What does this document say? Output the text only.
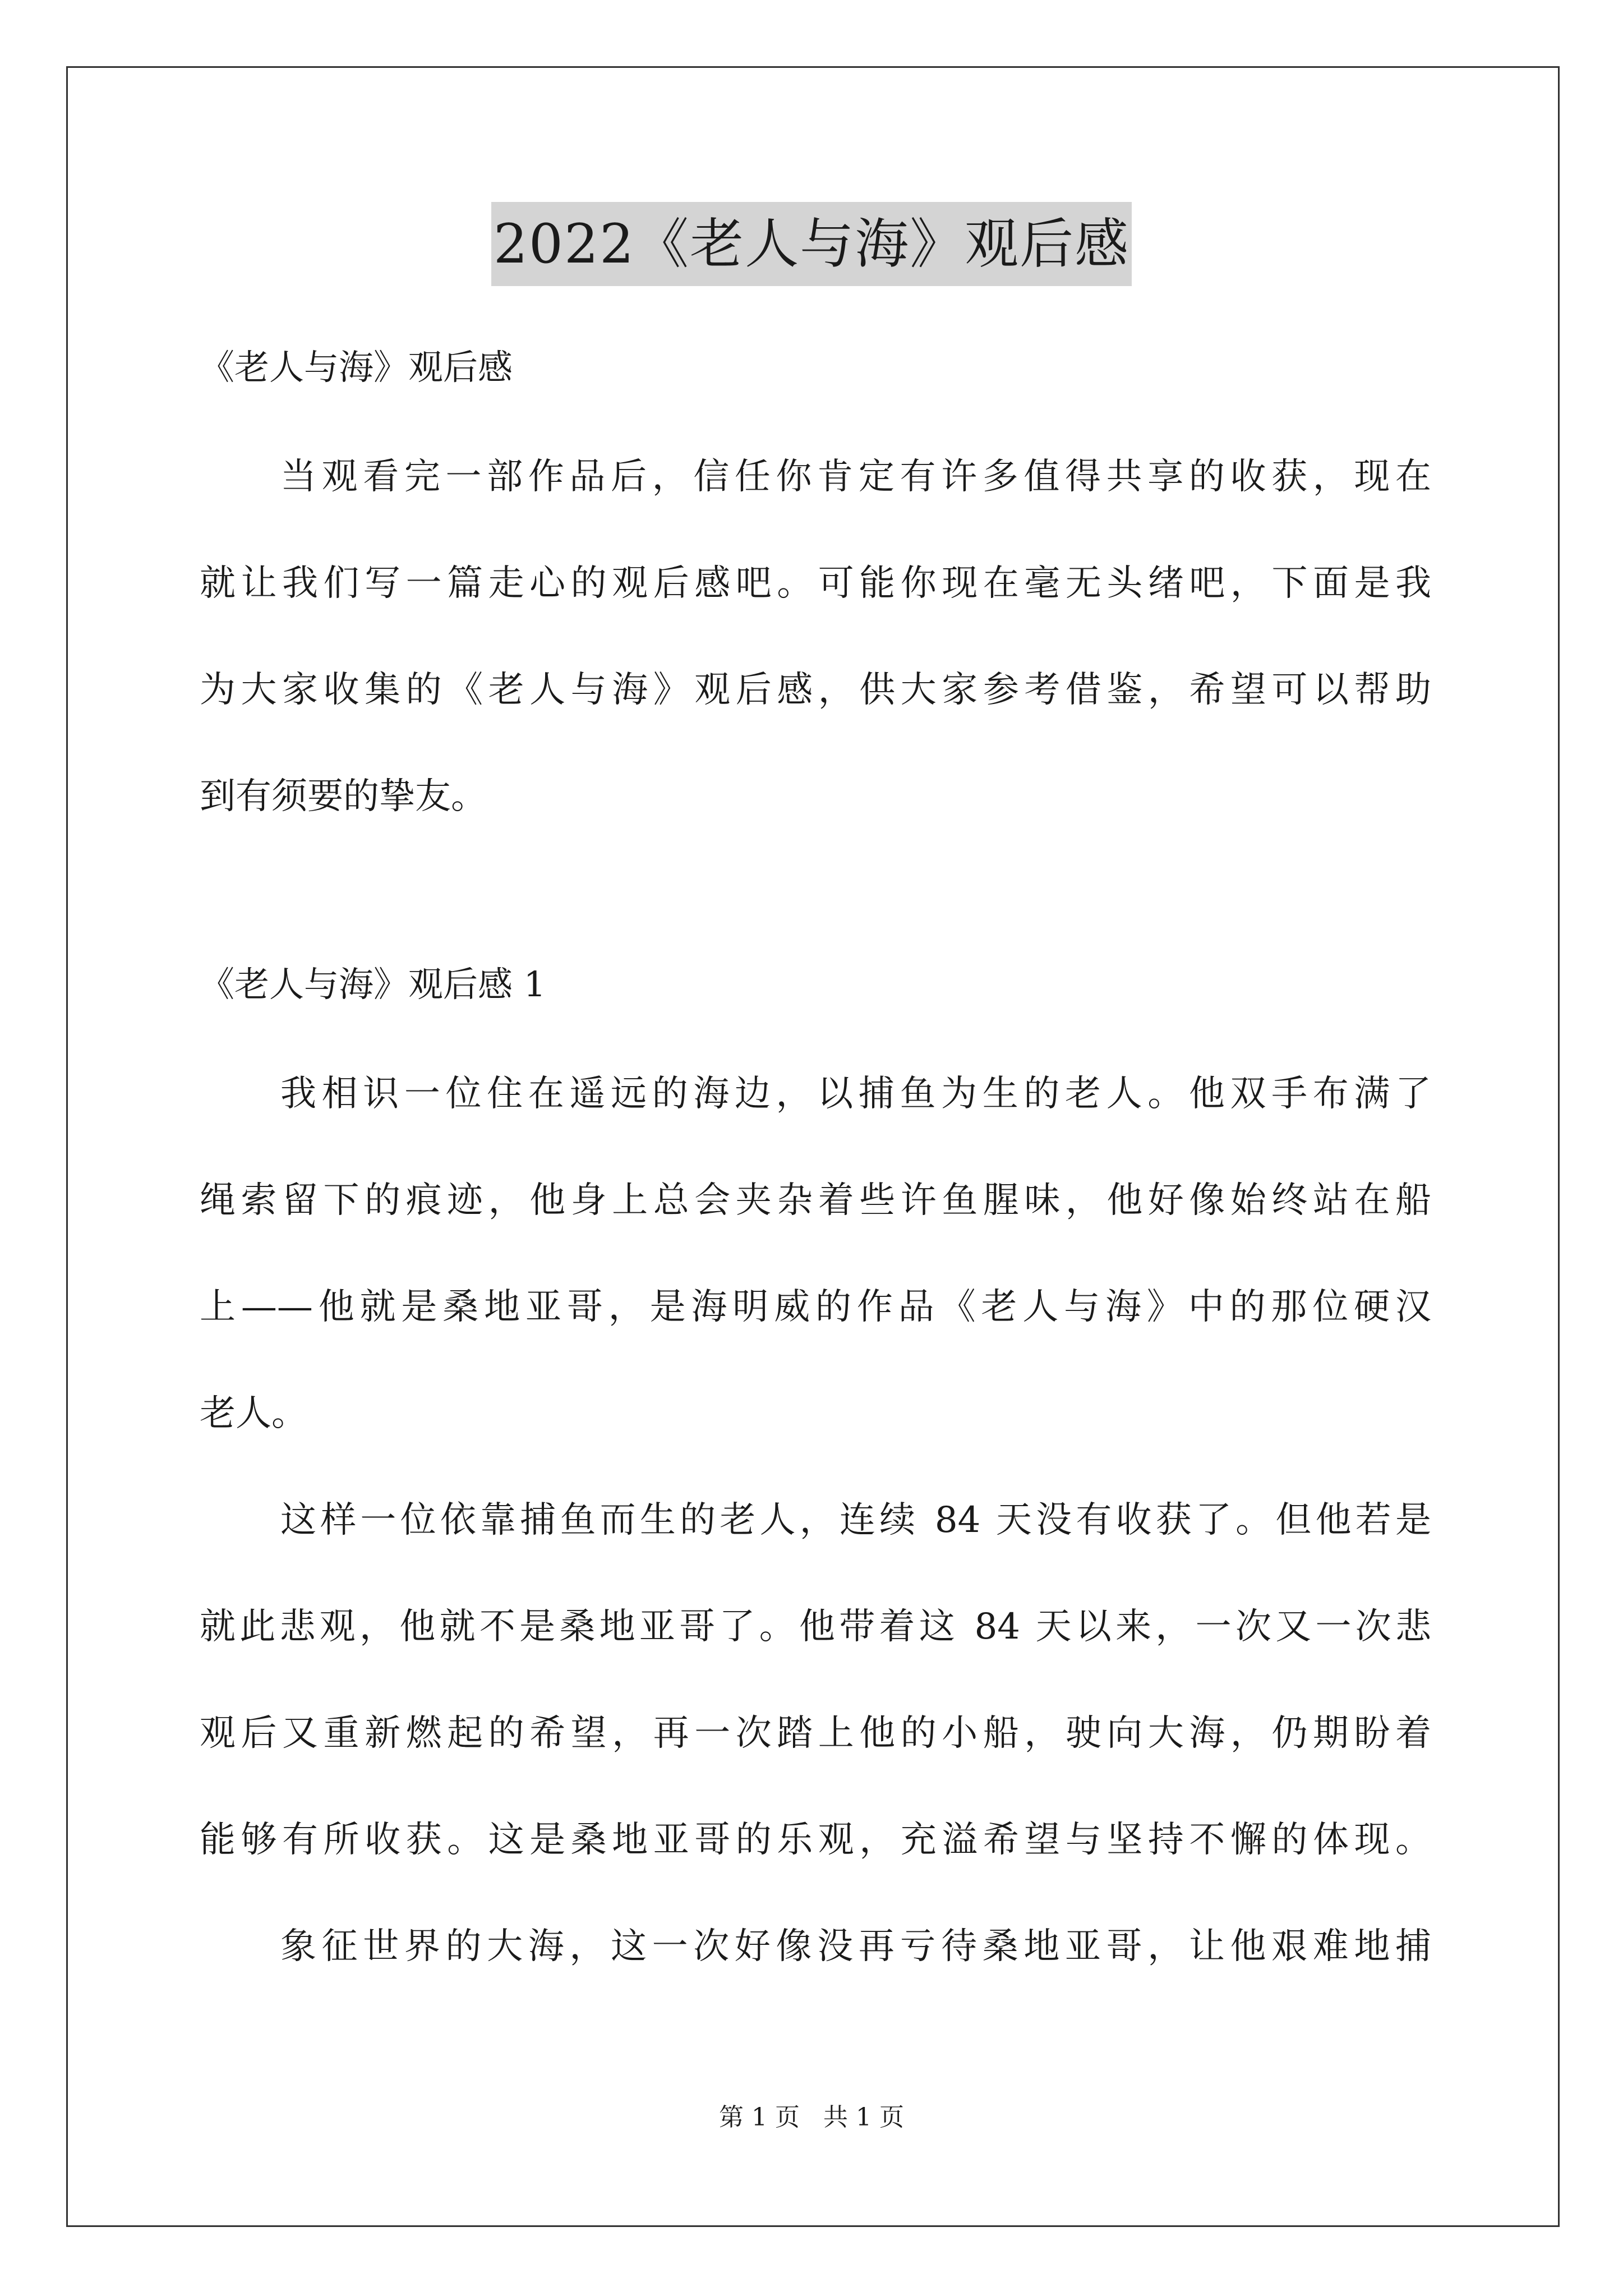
2022《老人与海》观后感
《老人与海》观后感
当观看完一部作品后，信任你肯定有许多值得共享的收获，现在
就让我们写一篇走心的观后感吧。可能你现在毫无头绪吧，下面是我
为大家收集的《老人与海》观后感，供大家参考借鉴，希望可以帮助
到有须要的挚友。
《老人与海》观后感 1
我相识一位住在遥远的海边，以捕鱼为生的老人。他双手布满了
绳索留下的痕迹，他身上总会夹杂着些许鱼腥味，他好像始终站在船
上——他就是桑地亚哥，是海明威的作品《老人与海》中的那位硬汉
老人。
这样一位依靠捕鱼而生的老人，连续 84 天没有收获了。但他若是
就此悲观，他就不是桑地亚哥了。他带着这 84 天以来，一次又一次悲
观后又重新燃起的希望，再一次踏上他的小船，驶向大海，仍期盼着
能够有所收获。这是桑地亚哥的乐观，充溢希望与坚持不懈的体现。
象征世界的大海，这一次好像没再亏待桑地亚哥，让他艰难地捕
第 1 页 共 1 页
